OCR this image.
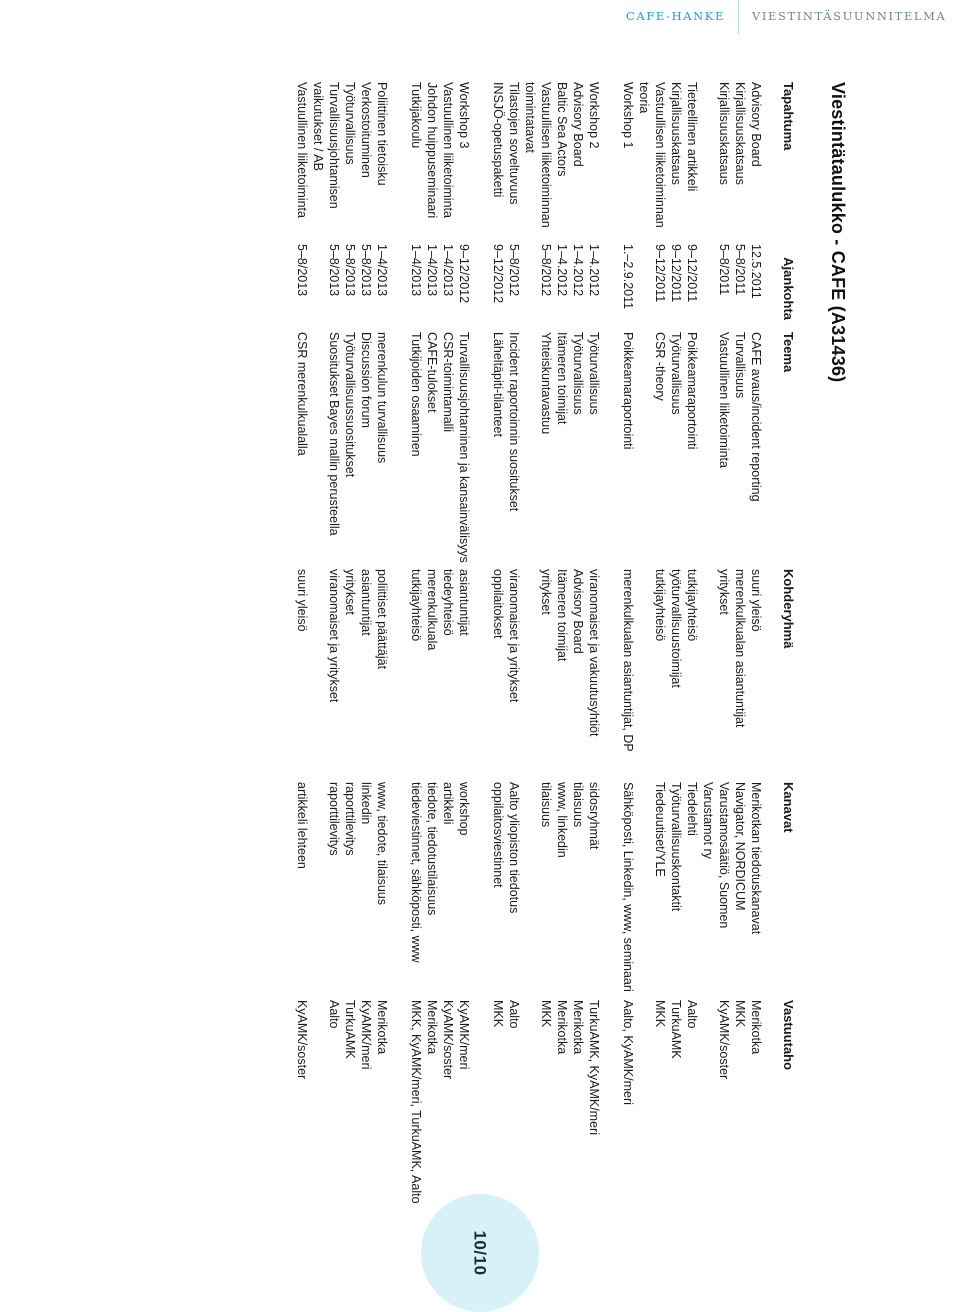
CAFE-HANKE VIESTINTÄSUUNNITELMA
Viestintätaulukko - CAFE (A31436)
Tapahtuma	Ajankohta	Teema	Kohderyhmä	Kanavat	Vastuutaho
Advisory Board	12.5.2011	CAFE avaus/incident reporting	suuri yleisö	Merikotkan tiedotuskanavat	Merikotka
Kirjallisuuskatsaus	5–8/2011	Turvallisuus	merenkulkualan asiantuntijat	Navigator, NORDICUM	MKK
Kirjallisuuskatsaus	5–8/2011	Vastuullinen liiketoiminta	yritykset	Varustamosäätiö, Suomen Varustamot ry	KyAMK/soster
Tieteellinen artikkeli	9–12/2011	Poikkeamaraportointi	tutkijayhteisö	Tiedelehti	Aalto
Kirjallisuuskatsaus	9–12/2011	Työturvallisuus	työturvallisuustoimijat	Työturvallisuuskontaktit	TurkuAMK
Vastuullisen liiketoiminnan teoria	9–12/2011	CSR -theory	tutkijayhteisö	Tiedeuutiset/YLE	MKK
Workshop 1	1.–2.9.2011	Poikkeamaraportointi	merenkulkualan asiantuntijat, DP	Sähköposti, Linkedin, www, seminaari	Aalto, KyAMK/meri
Workshop 2	1–4.2012	Työturvallisuus	viranomaiset ja vakuutusyhtiöt	sidosryhmät	TurkuAMK, KyAMK/meri
Advisory Board	1–4.2012	Työturvallisuus	Advisory Board	tilaisuus	Merikotka
Baltic Sea Actors	1–4.2012	Itämeren toimijat	Itämeren toimijat	www, linkedin	Merikotka
Vastuullisen liiketoiminnan toimintatavat	5–8/2012	Yhteiskuntavastuu	yritykset	tilaisuus	MKK
Tilastojen soveltuvuus	5–8/2012	Incident raportoinnin suositukset	viranomaiset ja yritykset	Aalto yliopiston tiedotus	Aalto
INSJÖ-opetuspaketti	9–12/2012	Läheltäpiti-tilanteet	oppilaitokset	oppilaitosviestinnet	MKK
Workshop 3	9–12/2012	Turvallisuusjohtaminen ja kansainvälisyys	asiantuntijat	workshop	KyAMK/meri
Vastuullinen liiketoiminta	1–4/2013	CSR-toimintamalli	tiedeyhteisö	artikkeli	KyAMK/soster
Johdon huippuseminaari	1–4/2013	CAFE-tulokset	merenkulkuala	tiedote, tiedotustilaisuus	Merikotka
Tutkijakoulu	1–4/2013	Tutkijoiden osaaminen	tutkijayhteisö	tiedeviestinnet, sähköposti, www	MKK, KyAMK/meri, TurkuAMK, Aalto
Poliittinen tietoisku	1–4/2013	merenkulun turvallisuus	poliittiset päättäjät	www, tiedote, tilaisuus	Merikotka
Verkostoituminen	5–8/2013	Discussion forum	asiantuntijat	linkedin	KyAMK/meri
Työturvallisuus	5–8/2013	Työturvallisuussuositukset	yritykset	raporttilevitys	TurkuAMK
Turvallisuusjohtamisen vaikutukset / AB	5–8/2013	Suositukset Bayes mallin perusteella	viranomaiset ja yritykset	raporttilevitys	Aalto
Vastuullinen liiketoiminta	5–8/2013	CSR merenkulkualalla	suuri yleisö	artikkeli lehteen	KyAMK/soster
10/10
